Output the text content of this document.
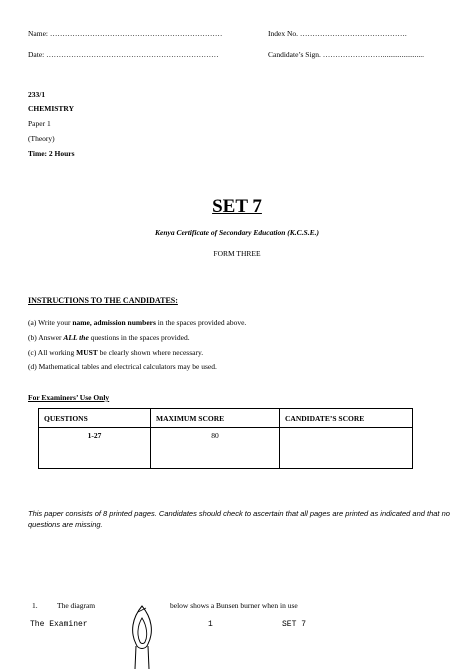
Name: ……………………………………………………………	Index No. …………………………………….
Date: ……………………………………………………………	Candidate’s Sign. ……………………......................
233/1
CHEMISTRY
Paper 1
(Theory)
Time: 2 Hours
SET 7
Kenya Certificate of Secondary Education (K.C.S.E.)
FORM THREE
INSTRUCTIONS TO THE CANDIDATES:
(a) Write your name, admission numbers in the spaces provided above.
(b) Answer ALL the questions in the spaces provided.
(c) All working MUST be clearly shown where necessary.
(d) Mathematical tables and electrical calculators may be used.
For Examiners’ Use Only
QUESTIONS	MAXIMUM SCORE	CANDIDATE’S SCORE
1-27	80	
This paper consists of 8 printed pages. Candidates should check to ascertain that all pages are printed as indicated and that no questions are missing.
1.	The diagram	below shows a Bunsen burner when in use
The Examiner	1	SET 7
